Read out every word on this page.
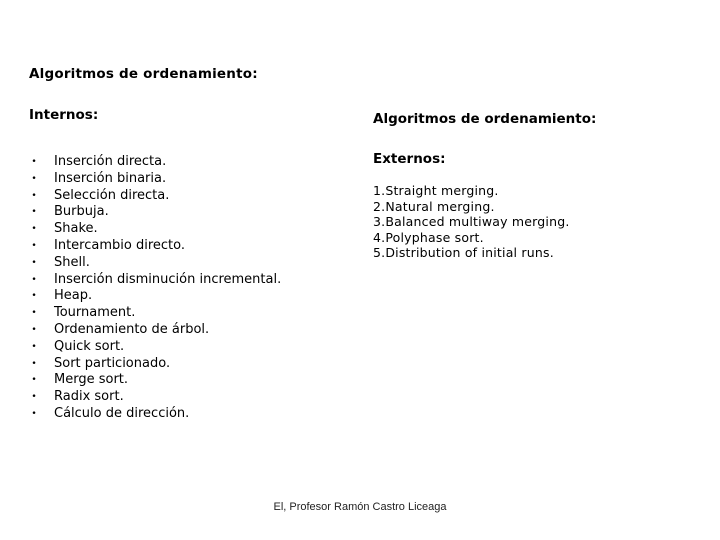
Algoritmos de ordenamiento:
Internos:
• Inserción directa.
• Inserción binaria.
• Selección directa.
• Burbuja.
• Shake.
• Intercambio directo.
• Shell.
• Inserción disminución incremental.
• Heap.
• Tournament.
• Ordenamiento de árbol.
• Quick sort.
• Sort particionado.
• Merge sort.
• Radix sort.
• Cálculo de dirección.
Algoritmos de ordenamiento:
Externos:
1.Straight merging.
2.Natural merging.
3.Balanced multiway merging.
4.Polyphase sort.
5.Distribution of initial runs.
El, Profesor Ramón Castro Liceaga
